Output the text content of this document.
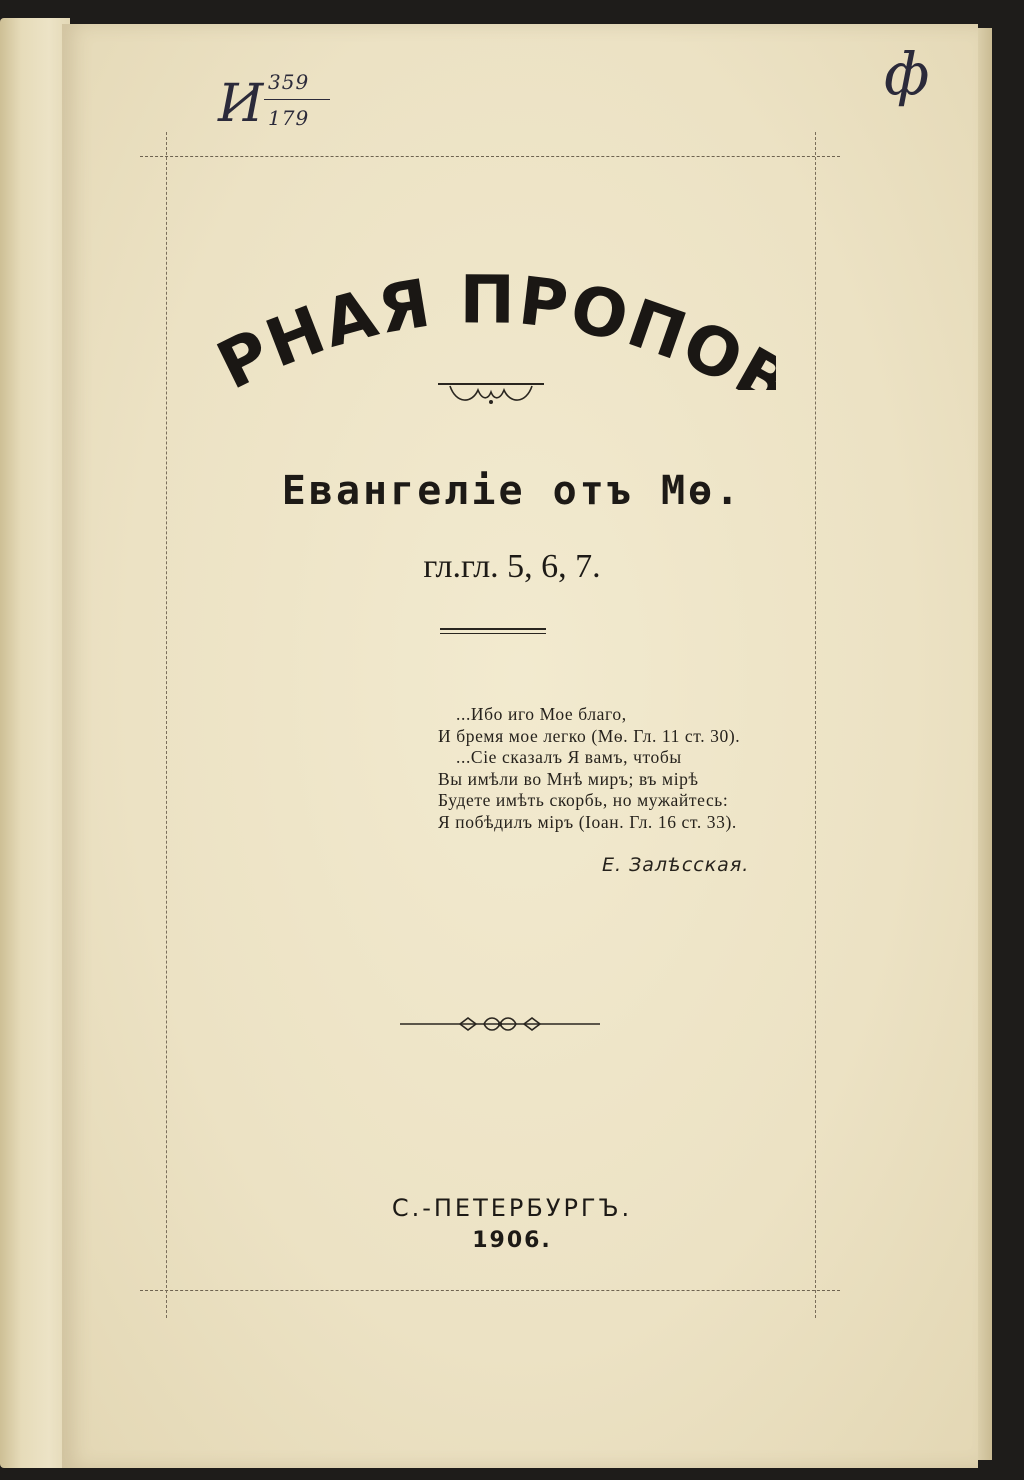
И 359
179
ф
РНАЯ ПРОПО
Евангеліе отъ Мѳ.
гл.гл. 5, 6, 7.
...Ибо иго Мое благо,
И бремя мое легко (Мѳ. Гл. 11 ст. 30).
...Сіе сказалъ Я вамъ, чтобы
Вы имѣли во Мнѣ миръ; въ мірѣ
Будете имѣть скорбь, но мужайтесь:
Я побѣдилъ міръ (Іоан. Гл. 16 ст. 33).
Е. Залѣсская.
С.-ПЕТЕРБУРГЪ.
1906.
